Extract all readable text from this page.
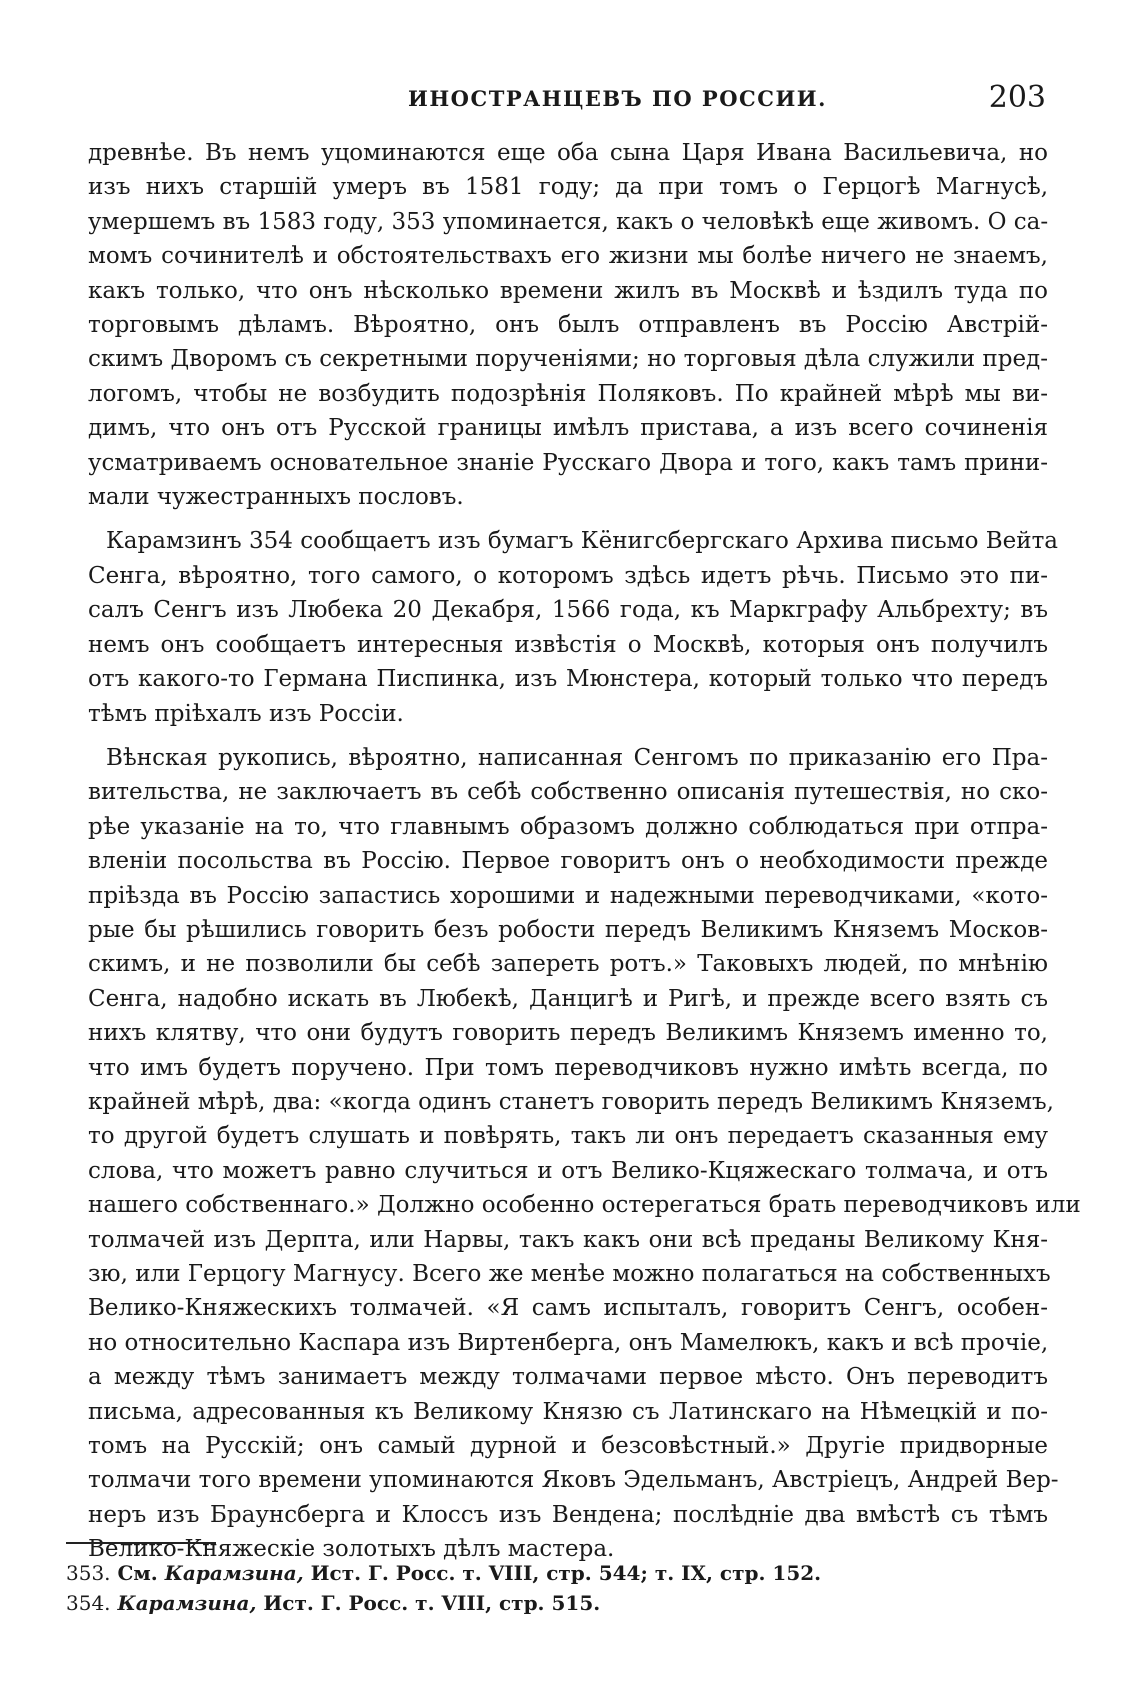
ИНОСТРАНЦЕВЪ ПО РОССИИ.	203
древнѣе. Въ немъ уцоминаются еще оба сына Царя Ивана Васильевича, но
изъ нихъ старшій умеръ въ 1581 году; да при томъ о Герцогѣ Магнусѣ,
умершемъ въ 1583 году, 353 упоминается, какъ о человѣкѣ еще живомъ. О са-
момъ сочинителѣ и обстоятельствахъ его жизни мы болѣе ничего не знаемъ,
какъ только, что онъ нѣсколько времени жилъ въ Москвѣ и ѣздилъ туда по
торговымъ дѣламъ. Вѣроятно, онъ былъ отправленъ въ Россію Австрій-
скимъ Дворомъ съ секретными порученіями; но торговыя дѣла служили пред-
логомъ, чтобы не возбудить подозрѣнія Поляковъ. По крайней мѣрѣ мы ви-
димъ, что онъ отъ Русской границы имѣлъ пристава, а изъ всего сочиненія
усматриваемъ основательное знаніе Русскаго Двора и того, какъ тамъ прини-
мали чужестранныхъ пословъ.
Карамзинъ 354 сообщаетъ изъ бумагъ Кёнигсбергскаго Архива письмо Вейта
Сенга, вѣроятно, того самого, о которомъ здѣсь идетъ рѣчь. Письмо это пи-
салъ Сенгъ изъ Любека 20 Декабря, 1566 года, къ Маркграфу Альбрехту; въ
немъ онъ сообщаетъ интересныя извѣстія о Москвѣ, которыя онъ получилъ
отъ какого-то Германа Писпинка, изъ Мюнстера, который только что передъ
тѣмъ пріѣхалъ изъ Россіи.
Вѣнская рукопись, вѣроятно, написанная Сенгомъ по приказанію его Пра-
вительства, не заключаетъ въ себѣ собственно описанія путешествія, но ско-
рѣе указаніе на то, что главнымъ образомъ должно соблюдаться при отпра-
вленіи посольства въ Россію. Первое говоритъ онъ о необходимости прежде
пріѣзда въ Россію запастись хорошими и надежными переводчиками, «кото-
рые бы рѣшились говорить безъ робости передъ Великимъ Княземъ Москов-
скимъ, и не позволили бы себѣ запереть ротъ.» Таковыхъ людей, по мнѣнію
Сенга, надобно искать въ Любекѣ, Данцигѣ и Ригѣ, и прежде всего взять съ
нихъ клятву, что они будутъ говорить передъ Великимъ Княземъ именно то,
что имъ будетъ поручено. При томъ переводчиковъ нужно имѣть всегда, по
крайней мѣрѣ, два: «когда одинъ станетъ говорить передъ Великимъ Княземъ,
то другой будетъ слушать и повѣрять, такъ ли онъ передаетъ сказанныя ему
слова, что можетъ равно случиться и отъ Велико-Кцяжескаго толмача, и отъ
нашего собственнаго.» Должно особенно остерегаться брать переводчиковъ или
толмачей изъ Дерпта, или Нарвы, такъ какъ они всѣ преданы Великому Кня-
зю, или Герцогу Магнусу. Всего же менѣе можно полагаться на собственныхъ
Велико-Княжескихъ толмачей. «Я самъ испыталъ, говоритъ Сенгъ, особен-
но относительно Каспара изъ Виртенберга, онъ Мамелюкъ, какъ и всѣ прочіе,
а между тѣмъ занимаетъ между толмачами первое мѣсто. Онъ переводитъ
письма, адресованныя къ Великому Князю съ Латинскаго на Нѣмецкій и по-
томъ на Русскій; онъ самый дурной и безсовѣстный.» Другіе придворные
толмачи того времени упоминаются Яковъ Эдельманъ, Австріецъ, Андрей Вер-
неръ изъ Браунсберга и Клоссъ изъ Вендена; послѣдніе два вмѣстѣ съ тѣмъ
Велико-Княжескіе золотыхъ дѣлъ мастера.
353. См. Карамзина, Ист. Г. Росс. т. VIII, стр. 544; т. IX, стр. 152.
354. Карамзина, Ист. Г. Росс. т. VIII, стр. 515.
